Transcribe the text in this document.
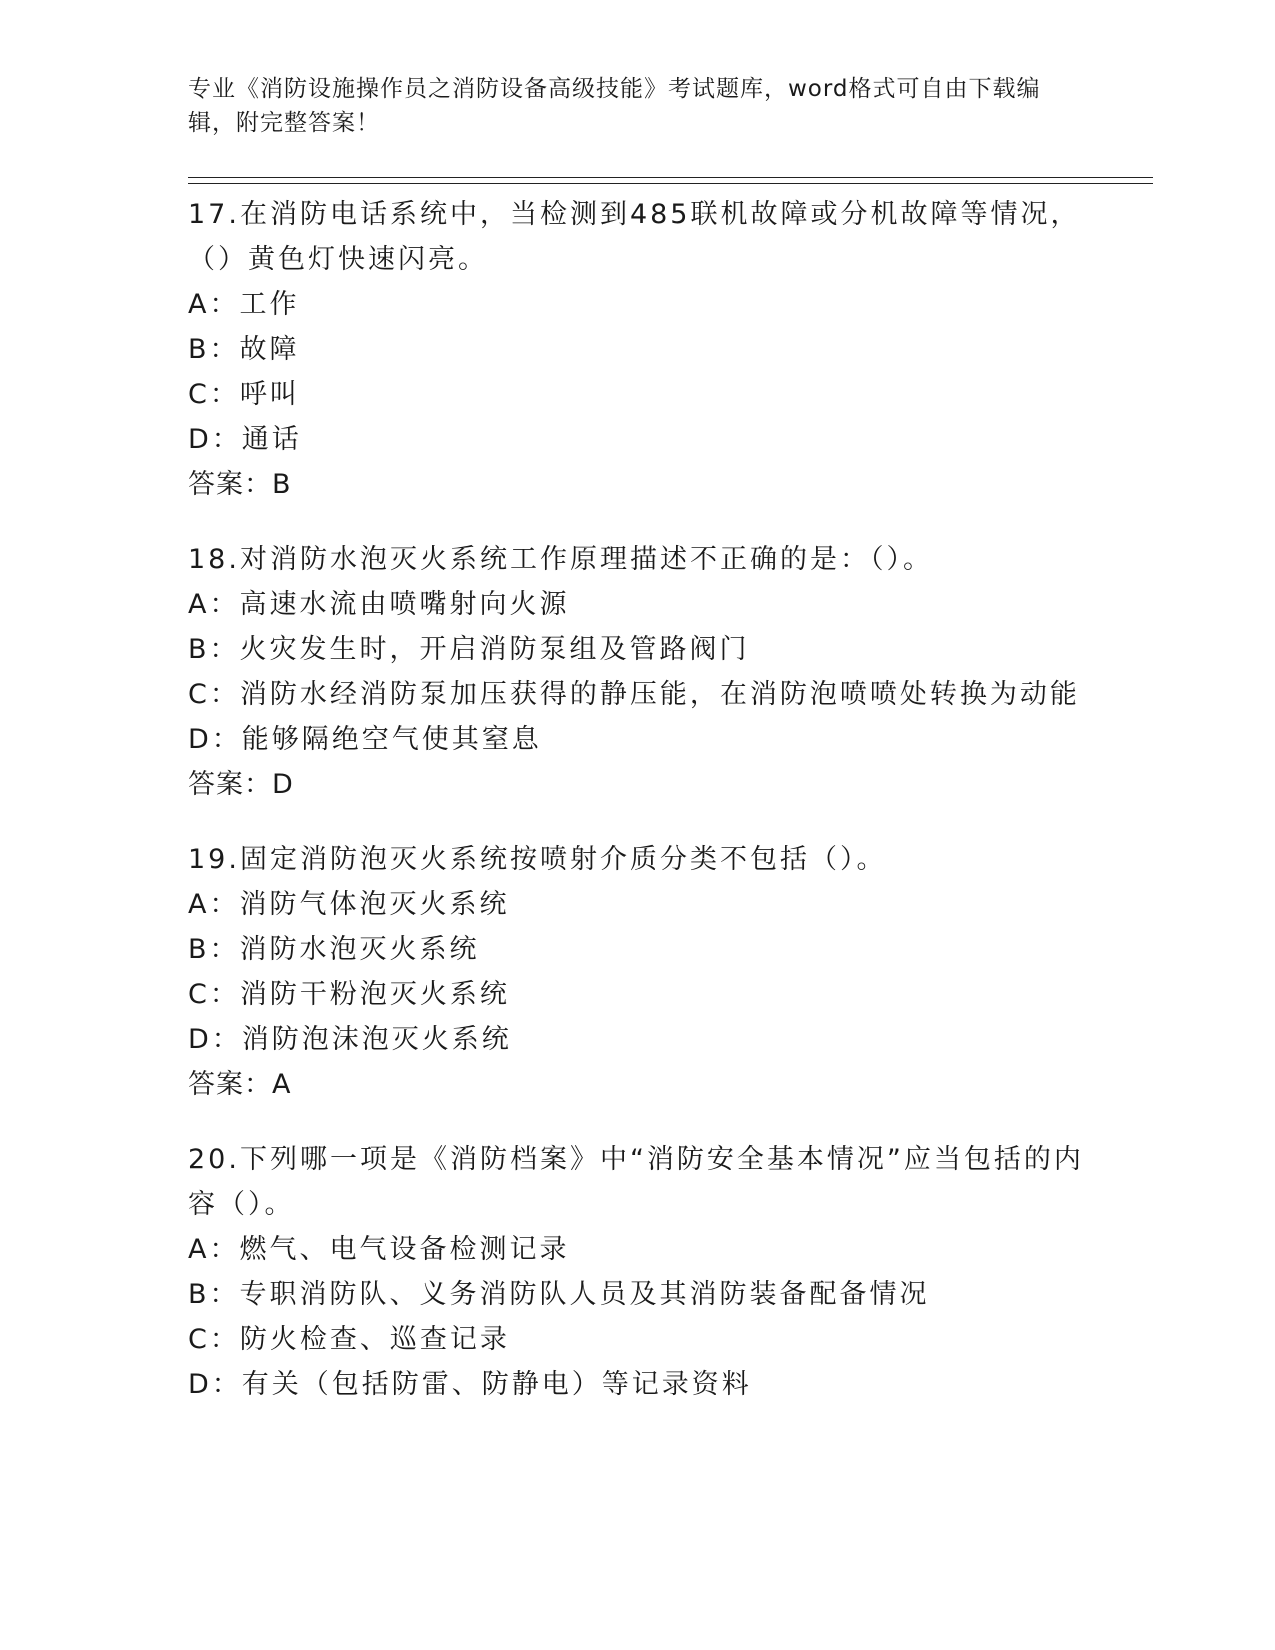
专业《消防设施操作员之消防设备高级技能》考试题库，word格式可自由下载编辑，附完整答案！

17.在消防电话系统中，当检测到485联机故障或分机故障等情况，（）黄色灯快速闪亮。

A：工作

B：故障

C：呼叫

D：通话

答案：B

18.对消防水泡灭火系统工作原理描述不正确的是：（）。

A：高速水流由喷嘴射向火源

B：火灾发生时，开启消防泵组及管路阀门

C：消防水经消防泵加压获得的静压能，在消防泡喷喷处转换为动能

D：能够隔绝空气使其窒息

答案：D

19.固定消防泡灭火系统按喷射介质分类不包括（）。

A：消防气体泡灭火系统

B：消防水泡灭火系统

C：消防干粉泡灭火系统

D：消防泡沫泡灭火系统

答案：A

20.下列哪一项是《消防档案》中“消防安全基本情况”应当包括的内容（）。

A：燃气、电气设备检测记录

B：专职消防队、义务消防队人员及其消防装备配备情况

C：防火检查、巡查记录

D：有关（包括防雷、防静电）等记录资料
